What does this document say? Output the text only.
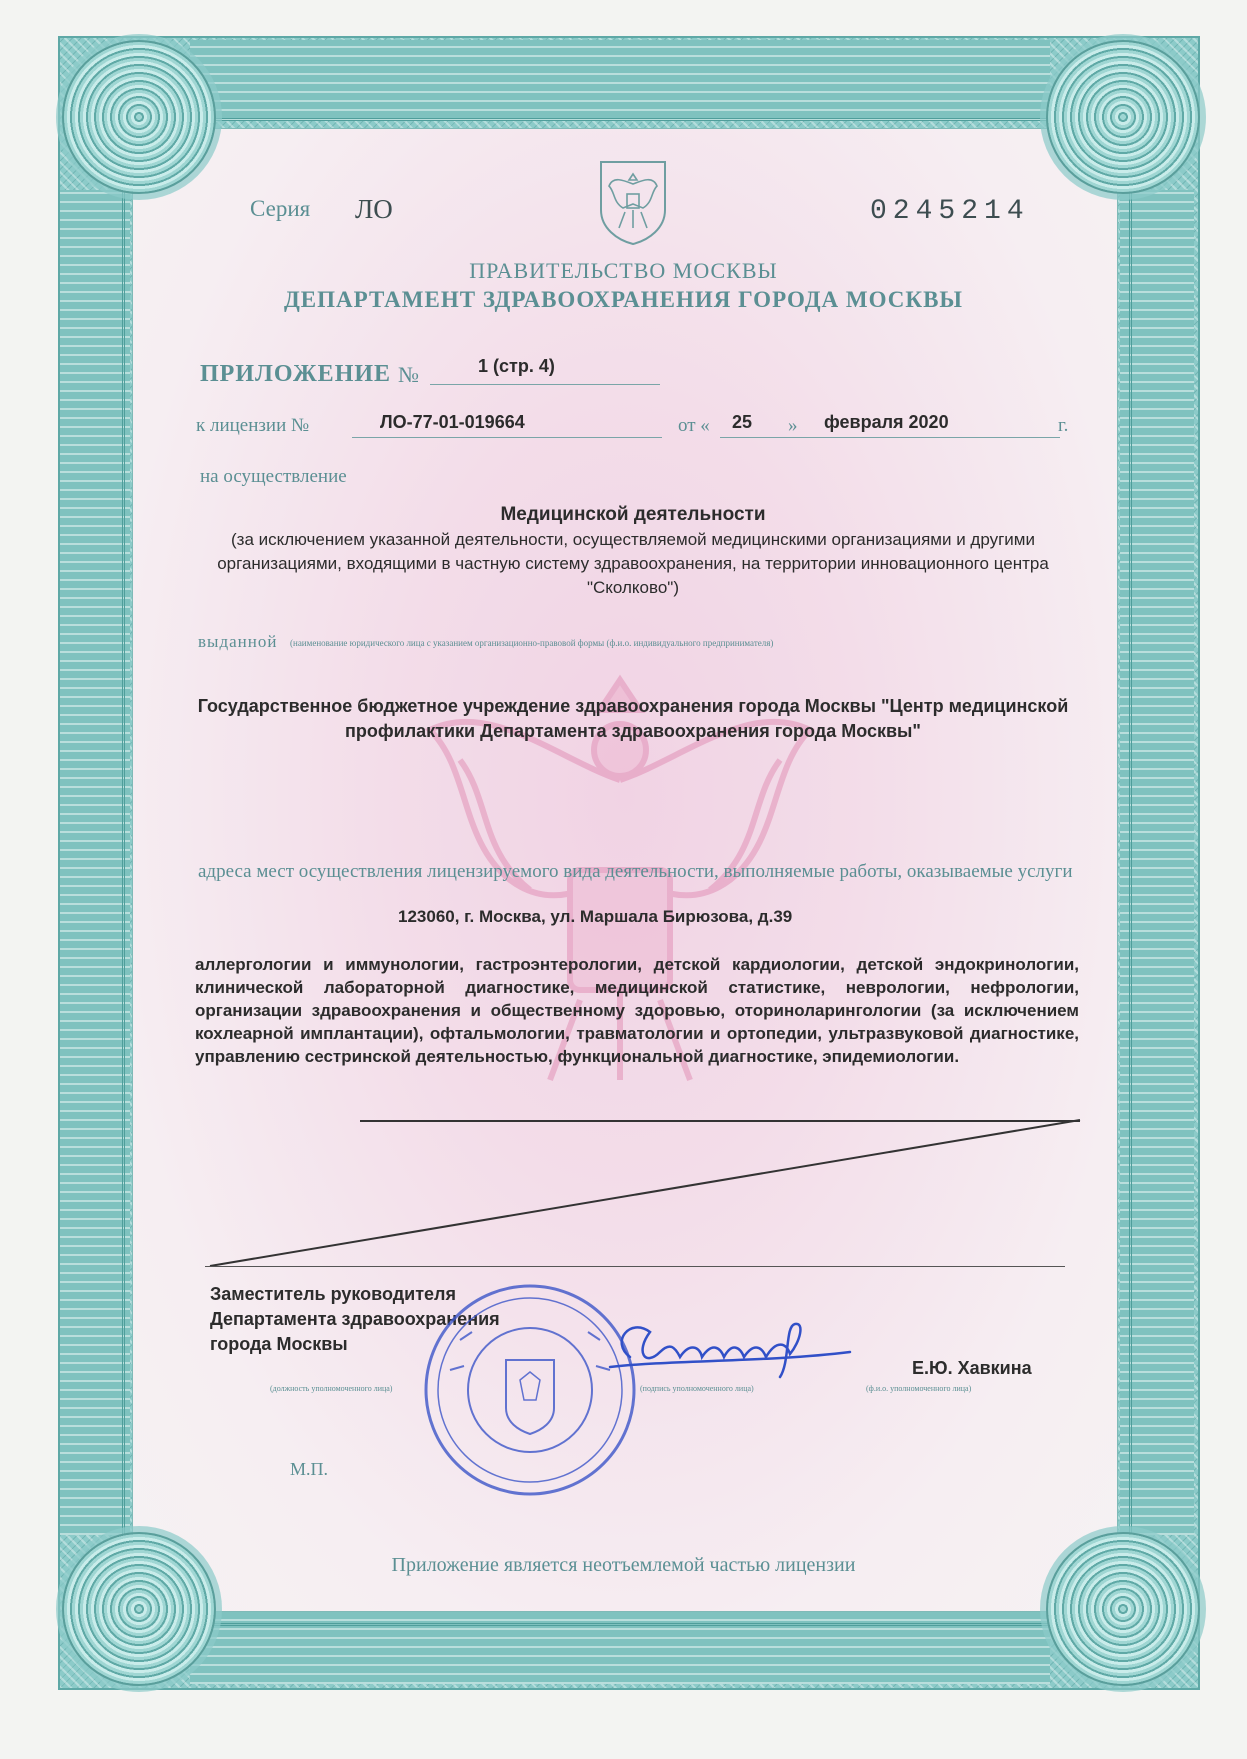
Серия ЛО	0245214
ПРАВИТЕЛЬСТВО МОСКВЫ
ДЕПАРТАМЕНТ ЗДРАВООХРАНЕНИЯ ГОРОДА МОСКВЫ
ПРИЛОЖЕНИЕ №	1 (стр. 4)
к лицензии №	ЛО-77-01-019664	от « 25 » февраля 2020	г.
на осуществление
Медицинской деятельности
(за исключением указанной деятельности, осуществляемой медицинскими организациями и другими организациями, входящими в частную систему здравоохранения, на территории инновационного центра "Сколково")
выданной (наименование юридического лица с указанием организационно-правовой формы (ф.и.о. индивидуального предпринимателя)
Государственное бюджетное учреждение здравоохранения города Москвы "Центр медицинской профилактики Департамента здравоохранения города Москвы"
адреса мест осуществления лицензируемого вида деятельности, выполняемые работы, оказываемые услуги
123060, г. Москва, ул. Маршала Бирюзова, д.39
аллергологии и иммунологии, гастроэнтерологии, детской кардиологии, детской эндокринологии, клинической лабораторной диагностике, медицинской статистике, неврологии, нефрологии, организации здравоохранения и общественному здоровью, оториноларингологии (за исключением кохлеарной имплантации), офтальмологии, травматологии и ортопедии, ультразвуковой диагностике, управлению сестринской деятельностью, функциональной диагностике, эпидемиологии.
Заместитель руководителя Департамента здравоохранения города Москвы
Е.Ю. Хавкина
(должность уполномоченного лица)	(подпись уполномоченного лица)	(ф.и.о. уполномоченного лица)
М.П.
Приложение является неотъемлемой частью лицензии
